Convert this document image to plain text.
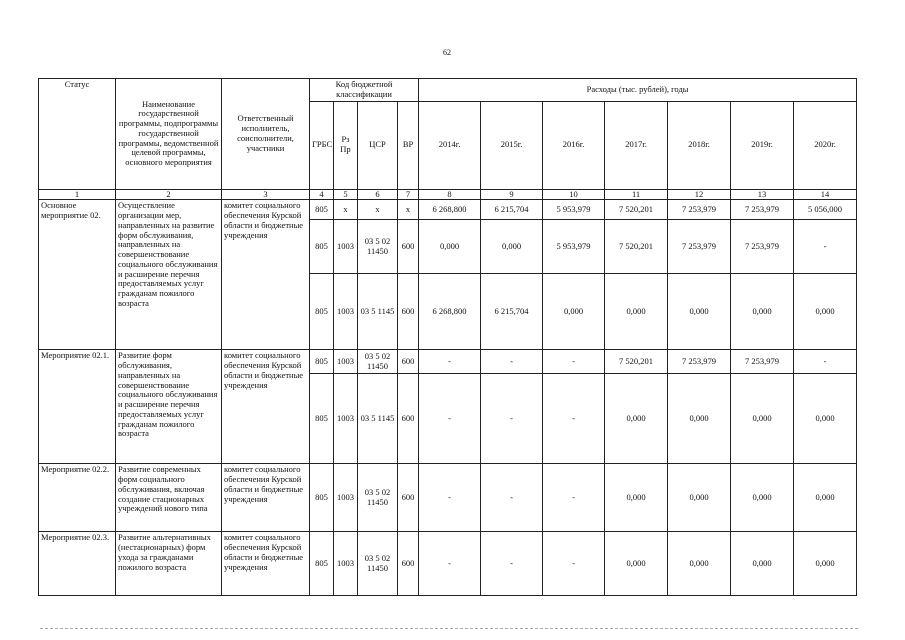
62
Статус	Наименование государственной программы, подпрограммы государственной программы, ведомственной целевой программы, основного мероприятия	Ответственный исполнитель, соисполнители, участники	Код бюджетной классификации				Расходы (тыс. рублей), годы						
			ГРБС	Рз Пр	ЦСР	ВР	2014г.	2015г.	2016г.	2017г.	2018г.	2019г.	2020г.
1	2	3	4	5	6	7	8	9	10	11	12	13	14
Основное мероприятие 02.	Осуществление организации мер, направленных на развитие форм обслуживания, направленных на совершенствование социального обслуживания и расширение перечня предоставляемых услуг гражданам пожилого возраста	комитет социального обеспечения Курской области и бюджетные учреждения	805	x	x	x	6 268,800	6 215,704	5 953,979	7 520,201	7 253,979	7 253,979	5 056,000
			805	1003	03 5 02 11450	600	0,000	0,000	5 953,979	7 520,201	7 253,979	7 253,979	-
			805	1003	03 5 1145	600	6 268,800	6 215,704	0,000	0,000	0,000	0,000	0,000
Мероприятие 02.1.	Развитие форм обслуживания, направленных на совершенствование социального обслуживания и расширение перечня предоставляемых услуг гражданам пожилого возраста	комитет социального обеспечения Курской области и бюджетные учреждения	805	1003	03 5 02 11450	600	-	-	-	7 520,201	7 253,979	7 253,979	-
			805	1003	03 5 1145	600	-	-	-	0,000	0,000	0,000	0,000
Мероприятие 02.2.	Развитие современных форм социального обслуживания, включая создание стационарных учреждений нового типа	комитет социального обеспечения Курской области и бюджетные учреждения	805	1003	03 5 02 11450	600	-	-	-	0,000	0,000	0,000	0,000
Мероприятие 02.3.	Развитие альтернативных (нестационарных) форм ухода за гражданами пожилого возраста	комитет социального обеспечения Курской области и бюджетные учреждения	805	1003	03 5 02 11450	600	-	-	-	0,000	0,000	0,000	0,000
